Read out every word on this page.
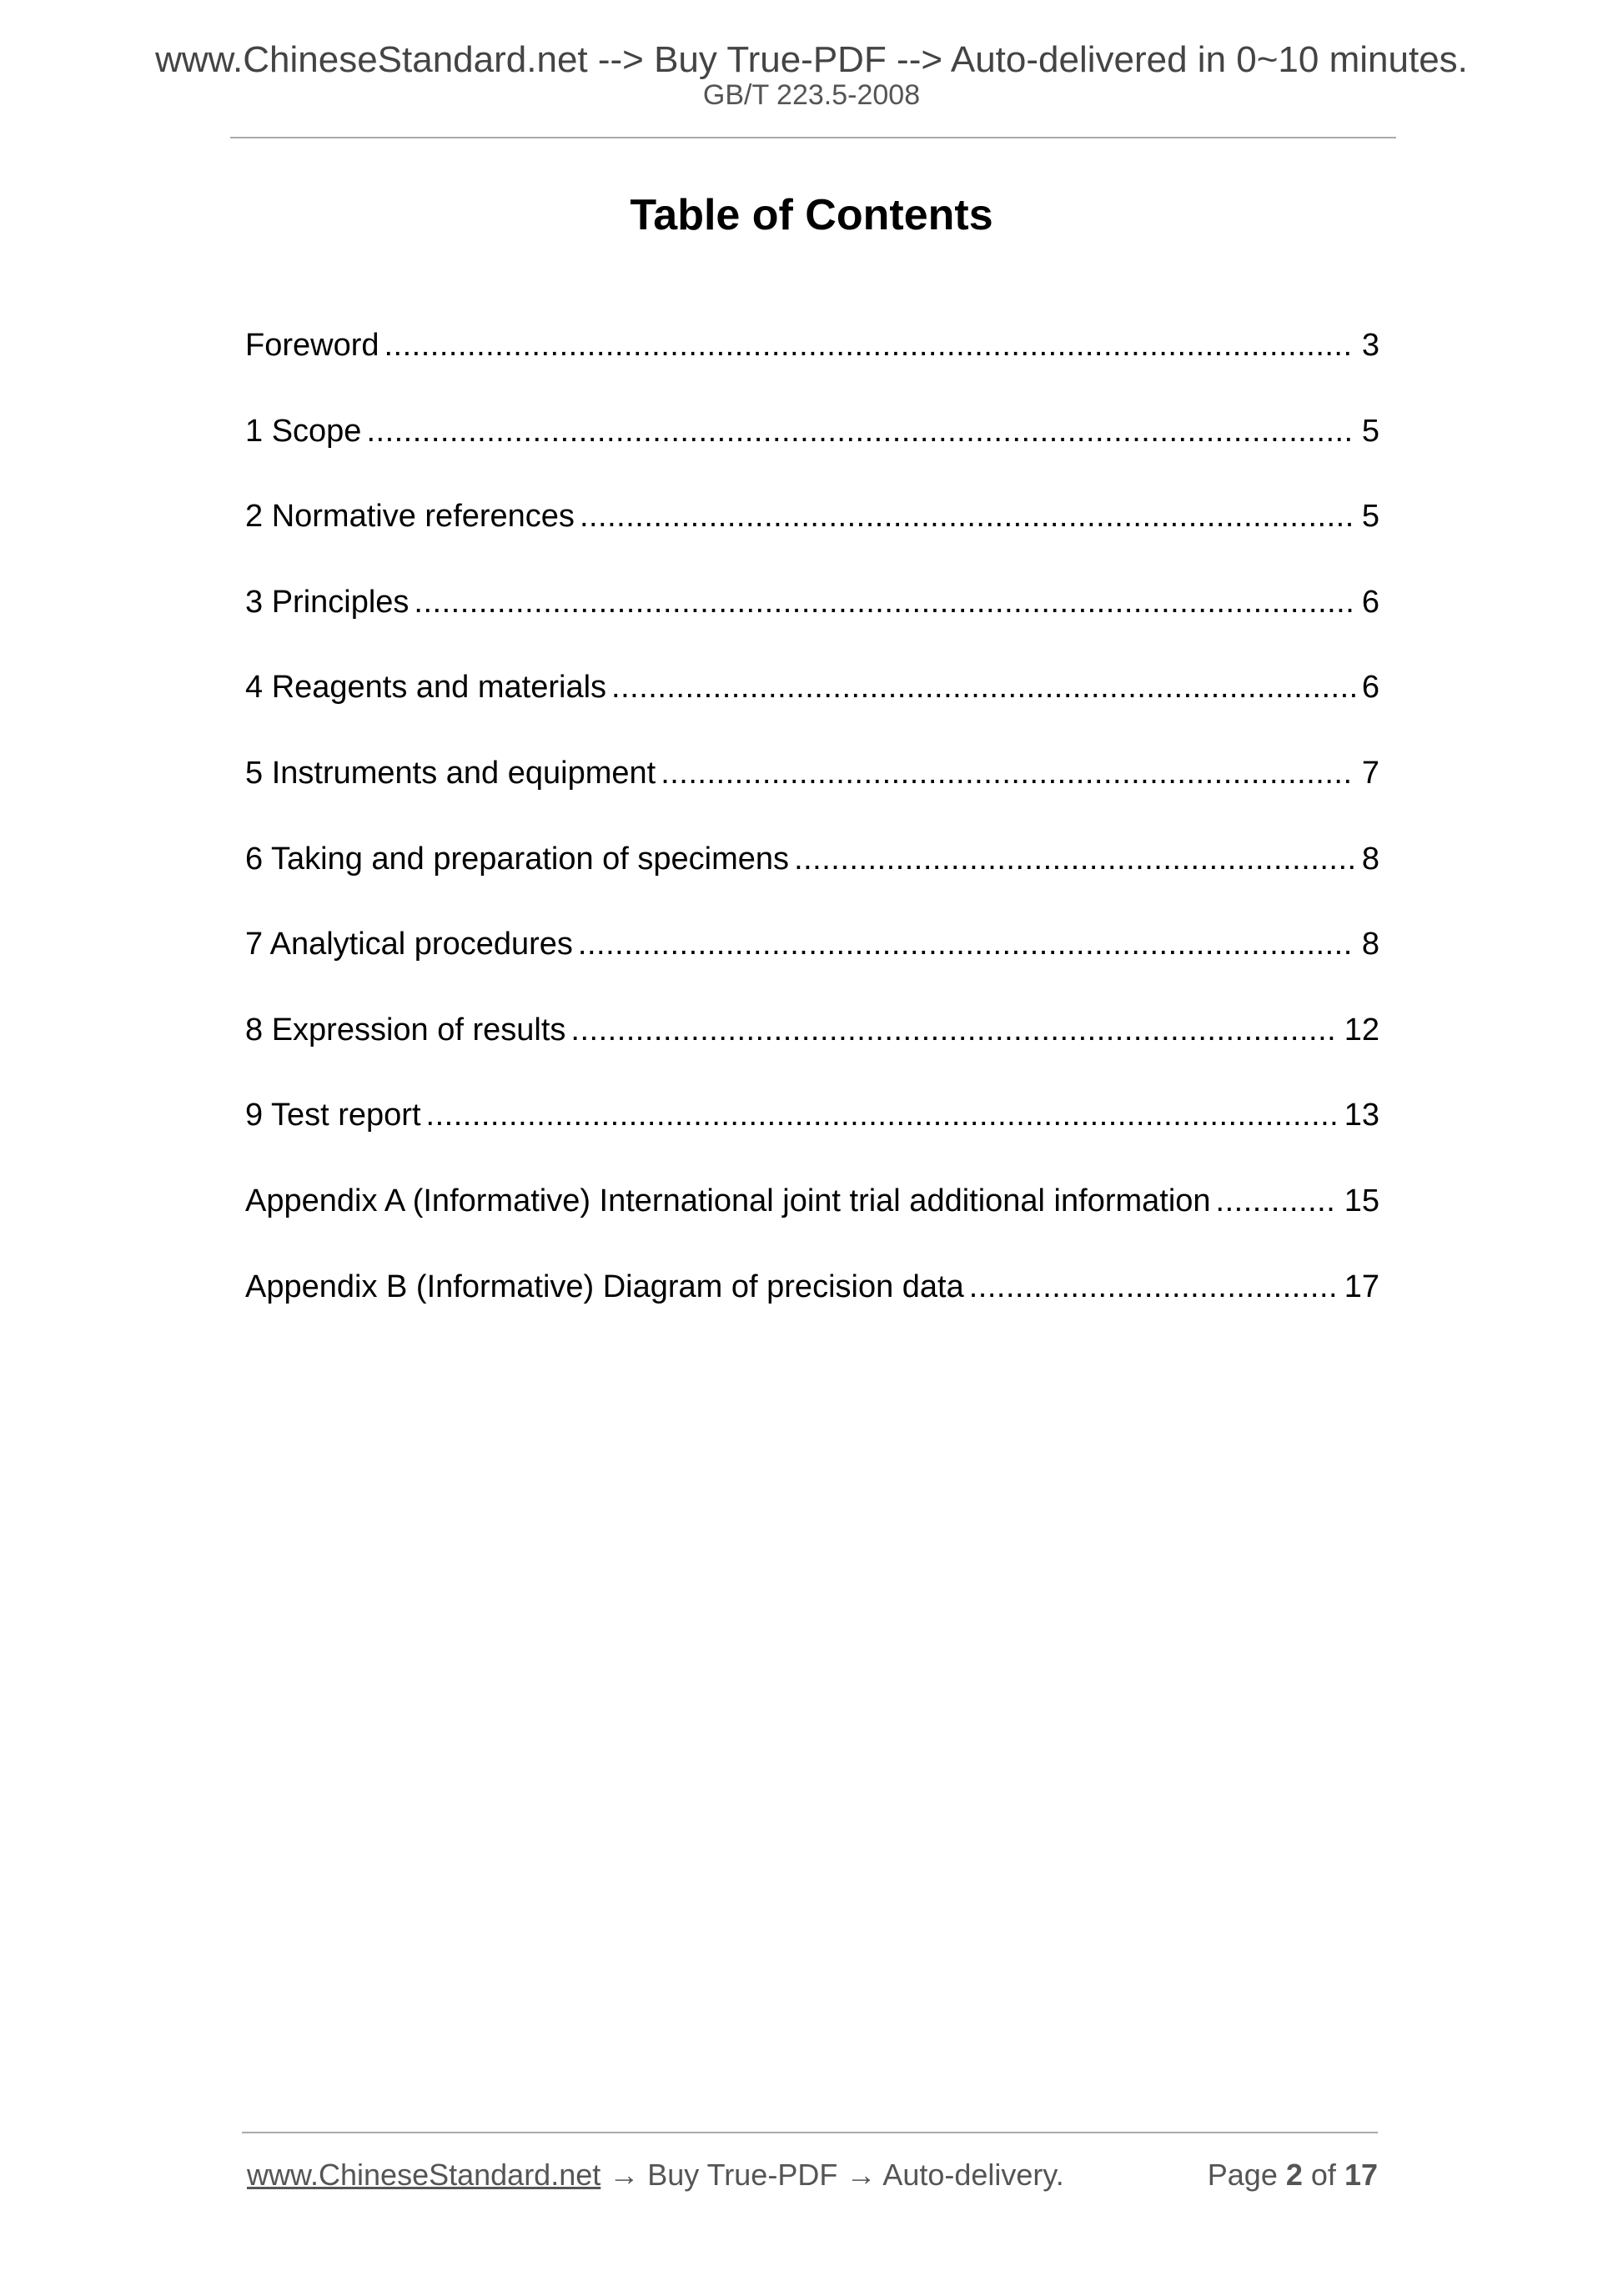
www.ChineseStandard.net --> Buy True-PDF --> Auto-delivered in 0~10 minutes.
GB/T 223.5-2008
Table of Contents
Foreword .....	3
1 Scope .....	5
2 Normative references .....	5
3 Principles .....	6
4 Reagents and materials .....	6
5 Instruments and equipment .....	7
6 Taking and preparation of specimens .....	8
7 Analytical procedures .....	8
8 Expression of results .....	12
9 Test report .....	13
Appendix A (Informative) International joint trial additional information .....	15
Appendix B (Informative) Diagram of precision data .....	17
www.ChineseStandard.net → Buy True-PDF → Auto-delivery.	Page 2 of 17
